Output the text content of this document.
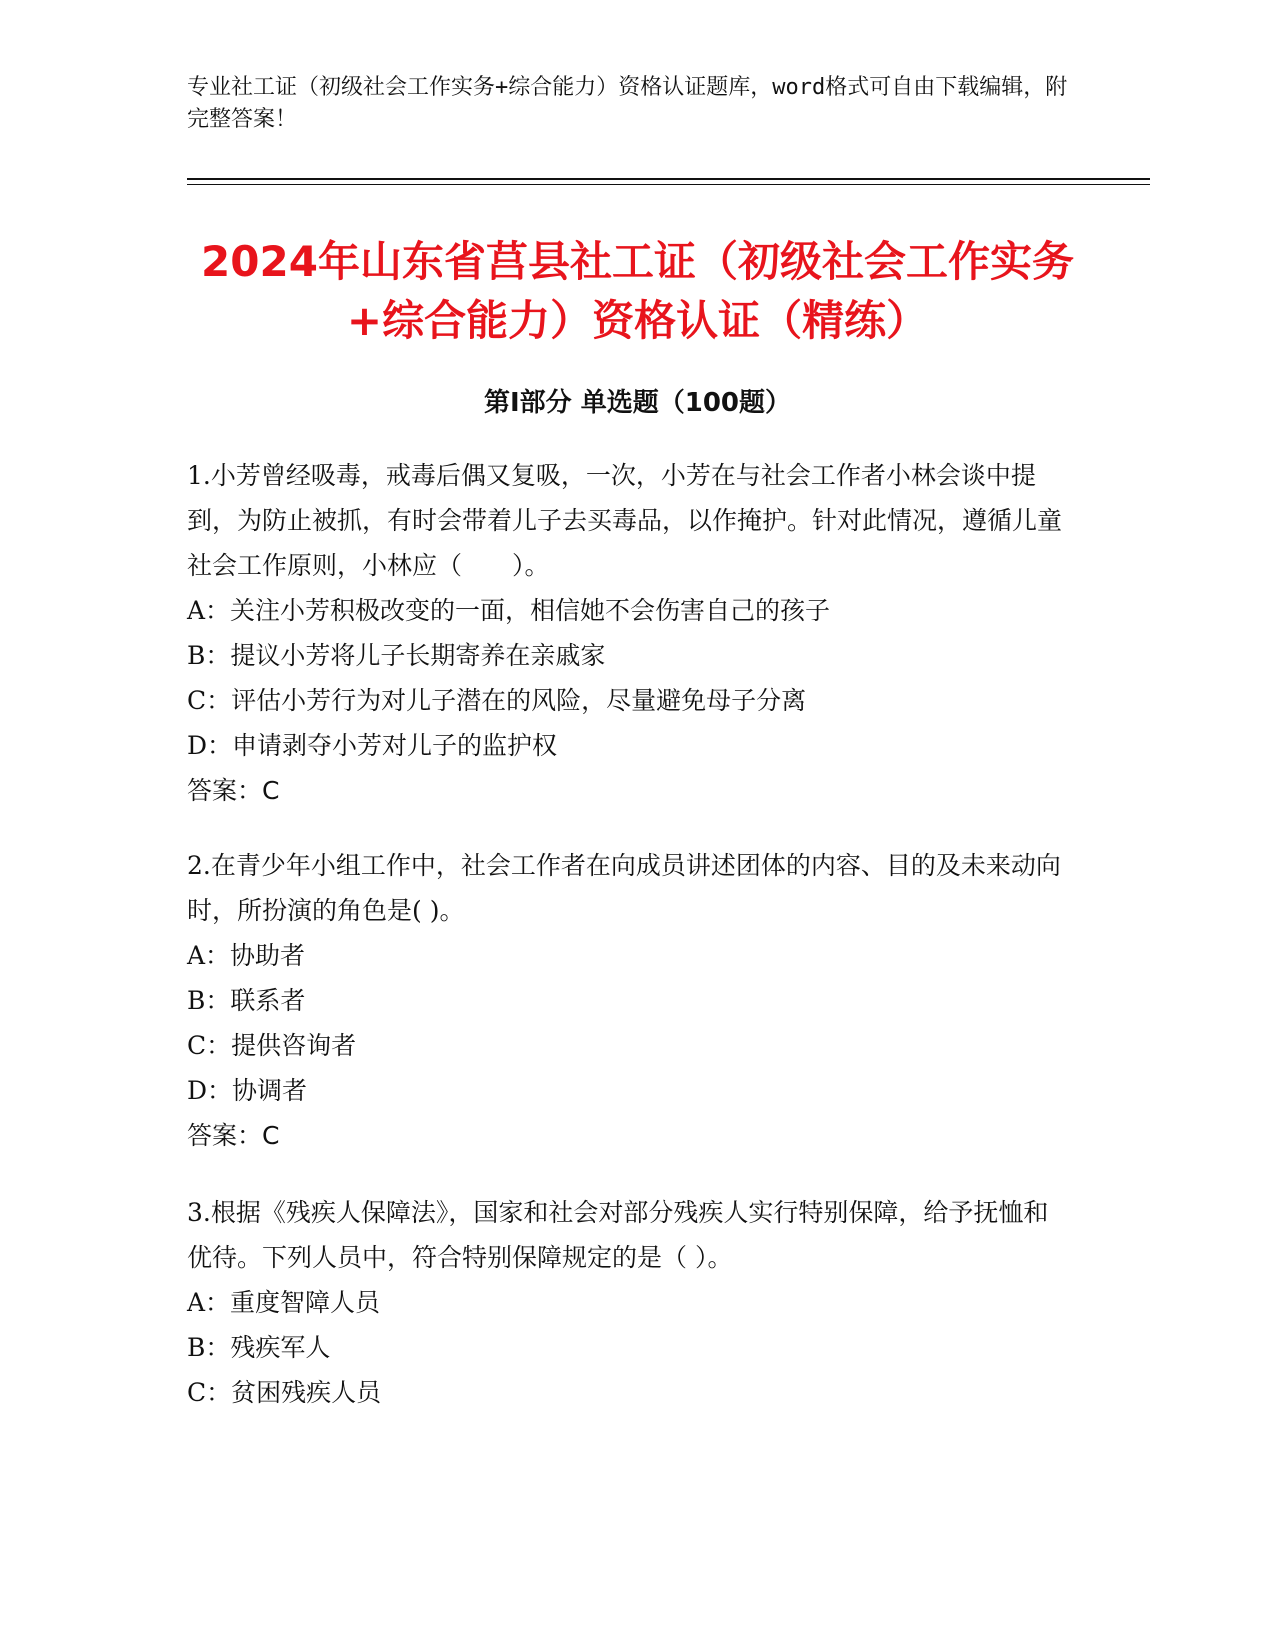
专业社工证（初级社会工作实务+综合能力）资格认证题库，word格式可自由下载编辑，附完整答案！
2024年山东省莒县社工证（初级社会工作实务+综合能力）资格认证（精练）
第Ⅰ部分 单选题（100题）

1.小芳曾经吸毒，戒毒后偶又复吸，一次，小芳在与社会工作者小林会谈中提到，为防止被抓，有时会带着儿子去买毒品，以作掩护。针对此情况，遵循儿童社会工作原则，小林应（　　）。

A：关注小芳积极改变的一面，相信她不会伤害自己的孩子

B：提议小芳将儿子长期寄养在亲戚家

C：评估小芳行为对儿子潜在的风险，尽量避免母子分离

D：申请剥夺小芳对儿子的监护权

答案：C

2.在青少年小组工作中，社会工作者在向成员讲述团体的内容、目的及未来动向时，所扮演的角色是( )。

A：协助者

B：联系者

C：提供咨询者

D：协调者

答案：C

3.根据《残疾人保障法》，国家和社会对部分残疾人实行特别保障，给予抚恤和优待。下列人员中，符合特别保障规定的是（ ）。

A：重度智障人员

B：残疾军人

C：贫困残疾人员
